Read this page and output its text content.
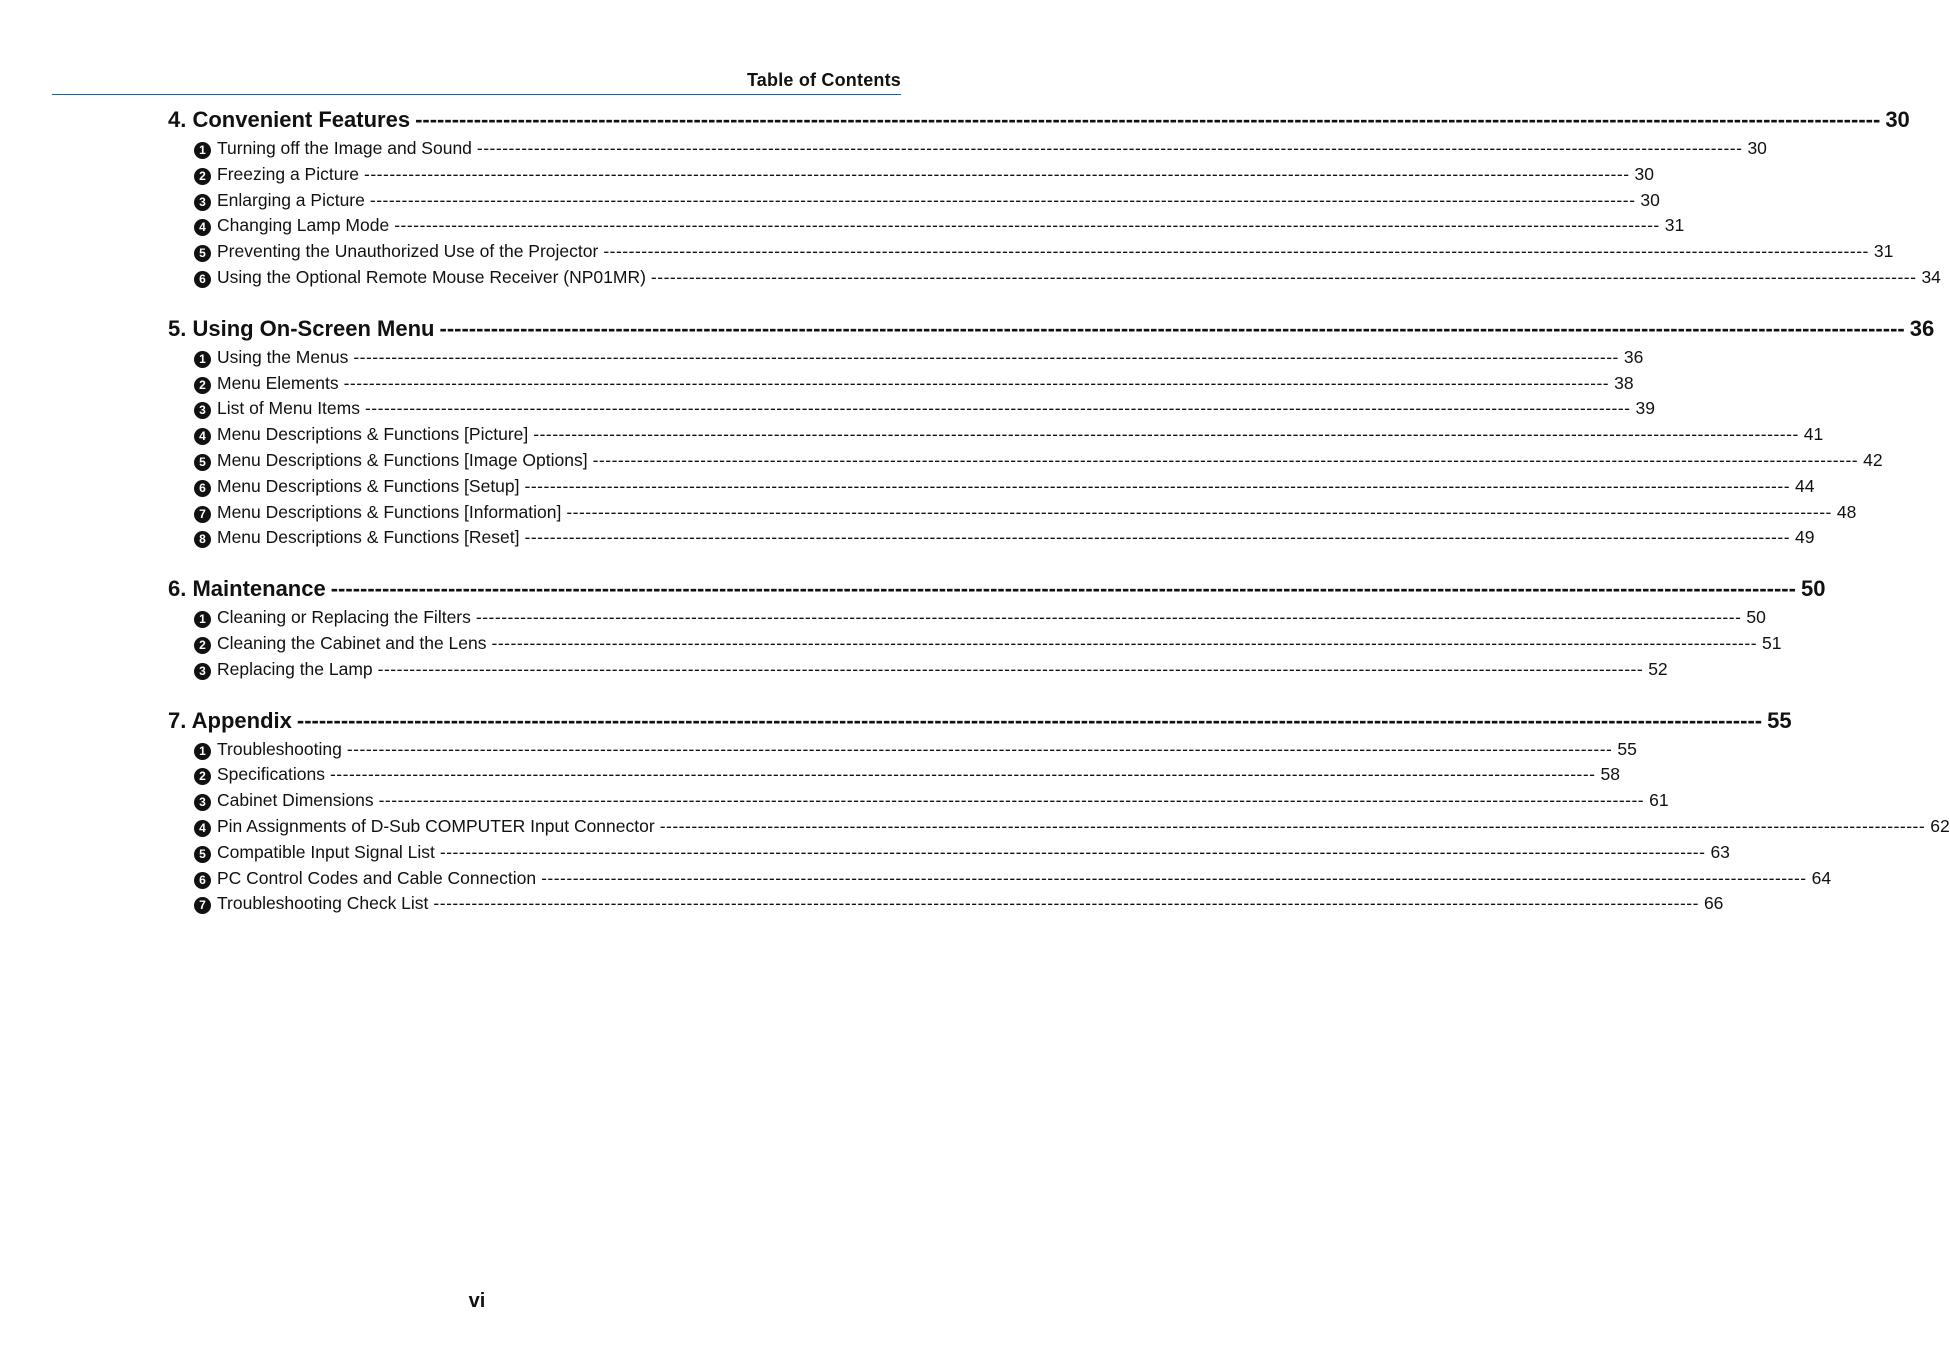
Table of Contents
4. Convenient Features -------------------------------------------------------------------------------------------------------------------------------------------------------------------------------------------------------- 30
1 Turning off the Image and Sound -------------------------------------------------------------------------------------------------------------------------------------------------------------------------------------------------------- 30
2 Freezing a Picture -------------------------------------------------------------------------------------------------------------------------------------------------------------------------------------------------------- 30
3 Enlarging a Picture -------------------------------------------------------------------------------------------------------------------------------------------------------------------------------------------------------- 30
4 Changing Lamp Mode -------------------------------------------------------------------------------------------------------------------------------------------------------------------------------------------------------- 31
5 Preventing the Unauthorized Use of the Projector -------------------------------------------------------------------------------------------------------------------------------------------------------------------------------------------------------- 31
6 Using the Optional Remote Mouse Receiver (NP01MR) -------------------------------------------------------------------------------------------------------------------------------------------------------------------------------------------------------- 34
5. Using On-Screen Menu -------------------------------------------------------------------------------------------------------------------------------------------------------------------------------------------------------- 36
1 Using the Menus -------------------------------------------------------------------------------------------------------------------------------------------------------------------------------------------------------- 36
2 Menu Elements -------------------------------------------------------------------------------------------------------------------------------------------------------------------------------------------------------- 38
3 List of Menu Items -------------------------------------------------------------------------------------------------------------------------------------------------------------------------------------------------------- 39
4 Menu Descriptions & Functions [Picture] -------------------------------------------------------------------------------------------------------------------------------------------------------------------------------------------------------- 41
5 Menu Descriptions & Functions [Image Options] -------------------------------------------------------------------------------------------------------------------------------------------------------------------------------------------------------- 42
6 Menu Descriptions & Functions [Setup] -------------------------------------------------------------------------------------------------------------------------------------------------------------------------------------------------------- 44
7 Menu Descriptions & Functions [Information] -------------------------------------------------------------------------------------------------------------------------------------------------------------------------------------------------------- 48
8 Menu Descriptions & Functions [Reset] -------------------------------------------------------------------------------------------------------------------------------------------------------------------------------------------------------- 49
6. Maintenance -------------------------------------------------------------------------------------------------------------------------------------------------------------------------------------------------------- 50
1 Cleaning or Replacing the Filters -------------------------------------------------------------------------------------------------------------------------------------------------------------------------------------------------------- 50
2 Cleaning the Cabinet and the Lens -------------------------------------------------------------------------------------------------------------------------------------------------------------------------------------------------------- 51
3 Replacing the Lamp -------------------------------------------------------------------------------------------------------------------------------------------------------------------------------------------------------- 52
7. Appendix -------------------------------------------------------------------------------------------------------------------------------------------------------------------------------------------------------- 55
1 Troubleshooting -------------------------------------------------------------------------------------------------------------------------------------------------------------------------------------------------------- 55
2 Specifications -------------------------------------------------------------------------------------------------------------------------------------------------------------------------------------------------------- 58
3 Cabinet Dimensions -------------------------------------------------------------------------------------------------------------------------------------------------------------------------------------------------------- 61
4 Pin Assignments of D-Sub COMPUTER Input Connector -------------------------------------------------------------------------------------------------------------------------------------------------------------------------------------------------------- 62
5 Compatible Input Signal List -------------------------------------------------------------------------------------------------------------------------------------------------------------------------------------------------------- 63
6 PC Control Codes and Cable Connection -------------------------------------------------------------------------------------------------------------------------------------------------------------------------------------------------------- 64
7 Troubleshooting Check List -------------------------------------------------------------------------------------------------------------------------------------------------------------------------------------------------------- 66
vi
